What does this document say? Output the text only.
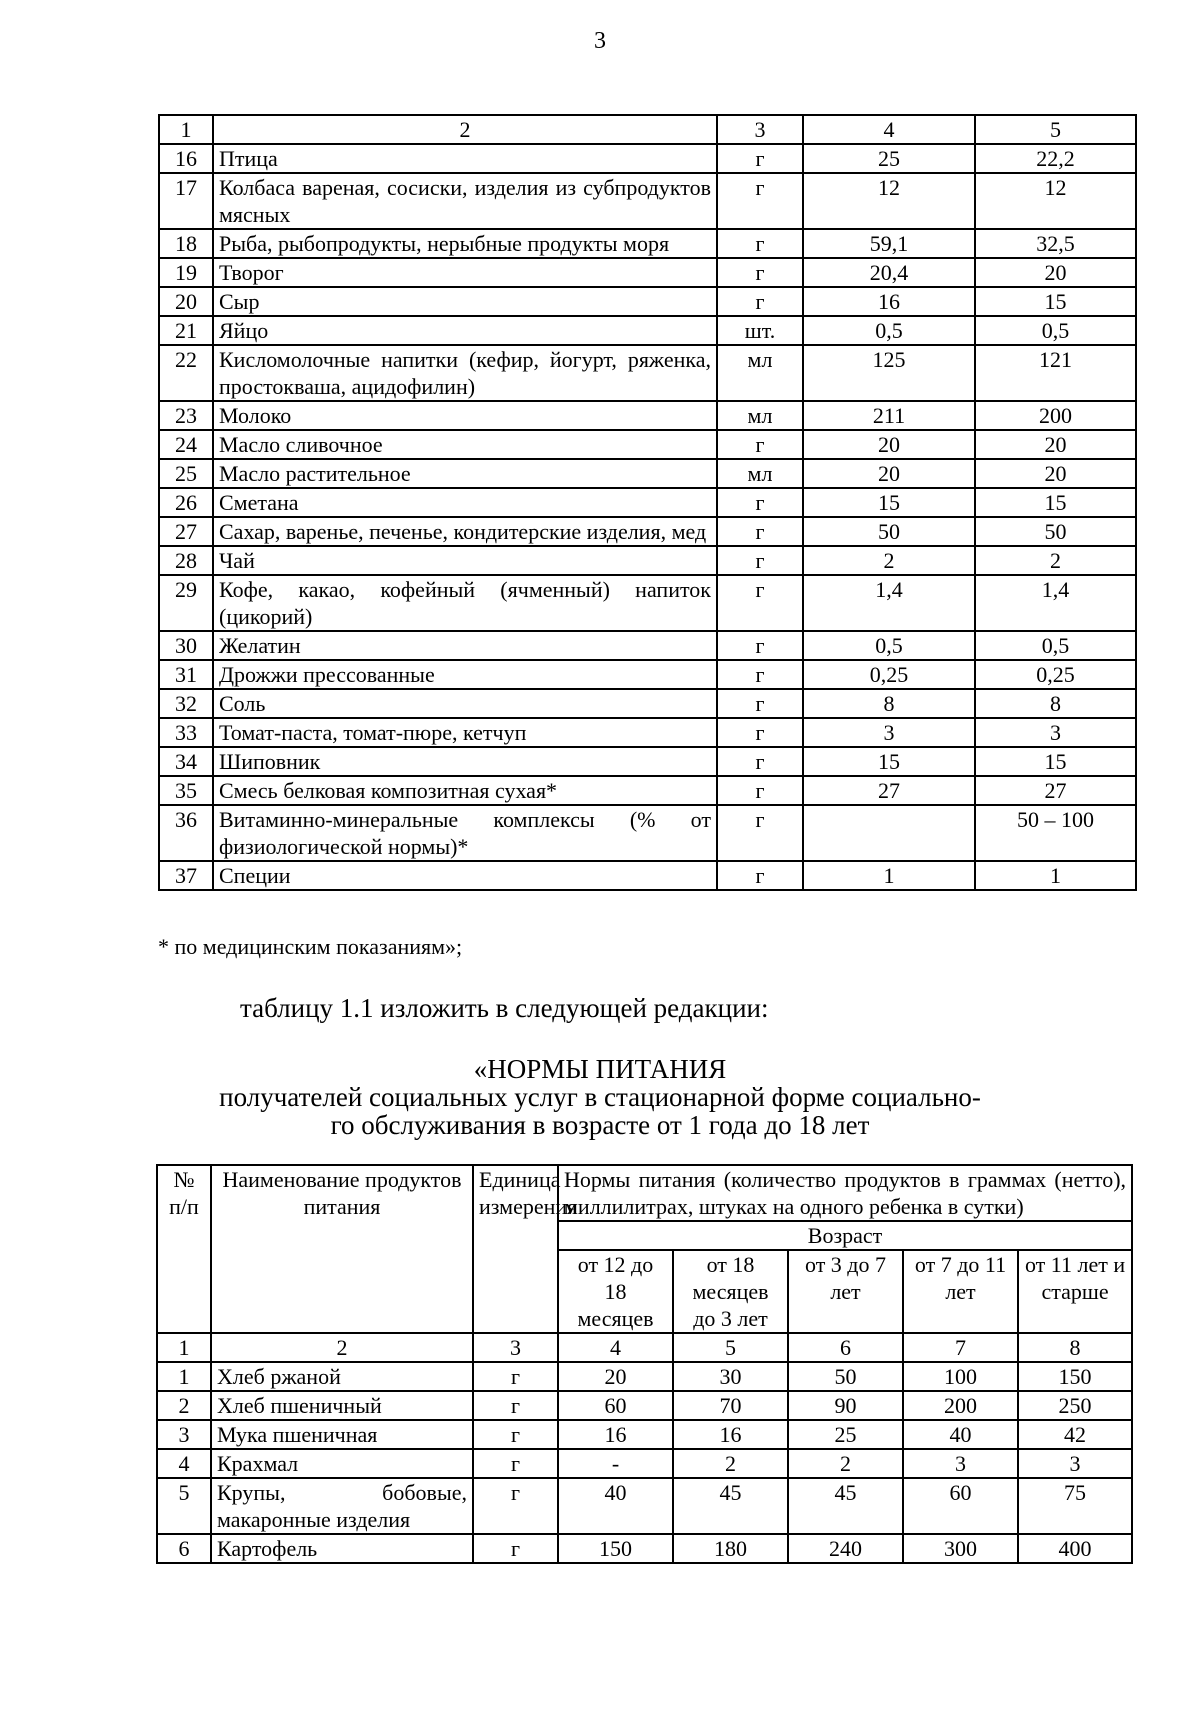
3
1	2	3	4	5
16	Птица	г	25	22,2
17	Колбаса вареная, сосиски, изделия из субпродуктов мясных	г	12	12
18	Рыба, рыбопродукты, нерыбные продукты моря	г	59,1	32,5
19	Творог	г	20,4	20
20	Сыр	г	16	15
21	Яйцо	шт.	0,5	0,5
22	Кисломолочные напитки (кефир, йогурт, ряженка, простокваша, ацидофилин)	мл	125	121
23	Молоко	мл	211	200
24	Масло сливочное	г	20	20
25	Масло растительное	мл	20	20
26	Сметана	г	15	15
27	Сахар, варенье, печенье, кондитерские изделия, мед	г	50	50
28	Чай	г	2	2
29	Кофе, какао, кофейный (ячменный) напиток (цикорий)	г	1,4	1,4
30	Желатин	г	0,5	0,5
31	Дрожжи прессованные	г	0,25	0,25
32	Соль	г	8	8
33	Томат-паста, томат-пюре, кетчуп	г	3	3
34	Шиповник	г	15	15
35	Смесь белковая композитная сухая*	г	27	27
36	Витаминно-минеральные комплексы (% от физиологической нормы)*	г		50 – 100
37	Специи	г	1	1
* по медицинским показаниям»;
таблицу 1.1 изложить в следующей редакции:
«НОРМЫ ПИТАНИЯ
получателей социальных услуг в стационарной форме социально-
го обслуживания в возрасте от 1 года до 18 лет
№ п/п	Наименование продуктов питания	Единица измерения	Нормы питания (количество продуктов в граммах (нетто), миллилитрах, штуках на одного ребенка в сутки)				
			Возраст				
			от 12 до 18 месяцев	от 18 месяцев до 3 лет	от 3 до 7 лет	от 7 до 11 лет	от 11 лет и старше
1	2	3	4	5	6	7	8
1	Хлеб ржаной	г	20	30	50	100	150
2	Хлеб пшеничный	г	60	70	90	200	250
3	Мука пшеничная	г	16	16	25	40	42
4	Крахмал	г	-	2	2	3	3
5	Крупы, бобовые, макаронные изделия	г	40	45	45	60	75
6	Картофель	г	150	180	240	300	400
